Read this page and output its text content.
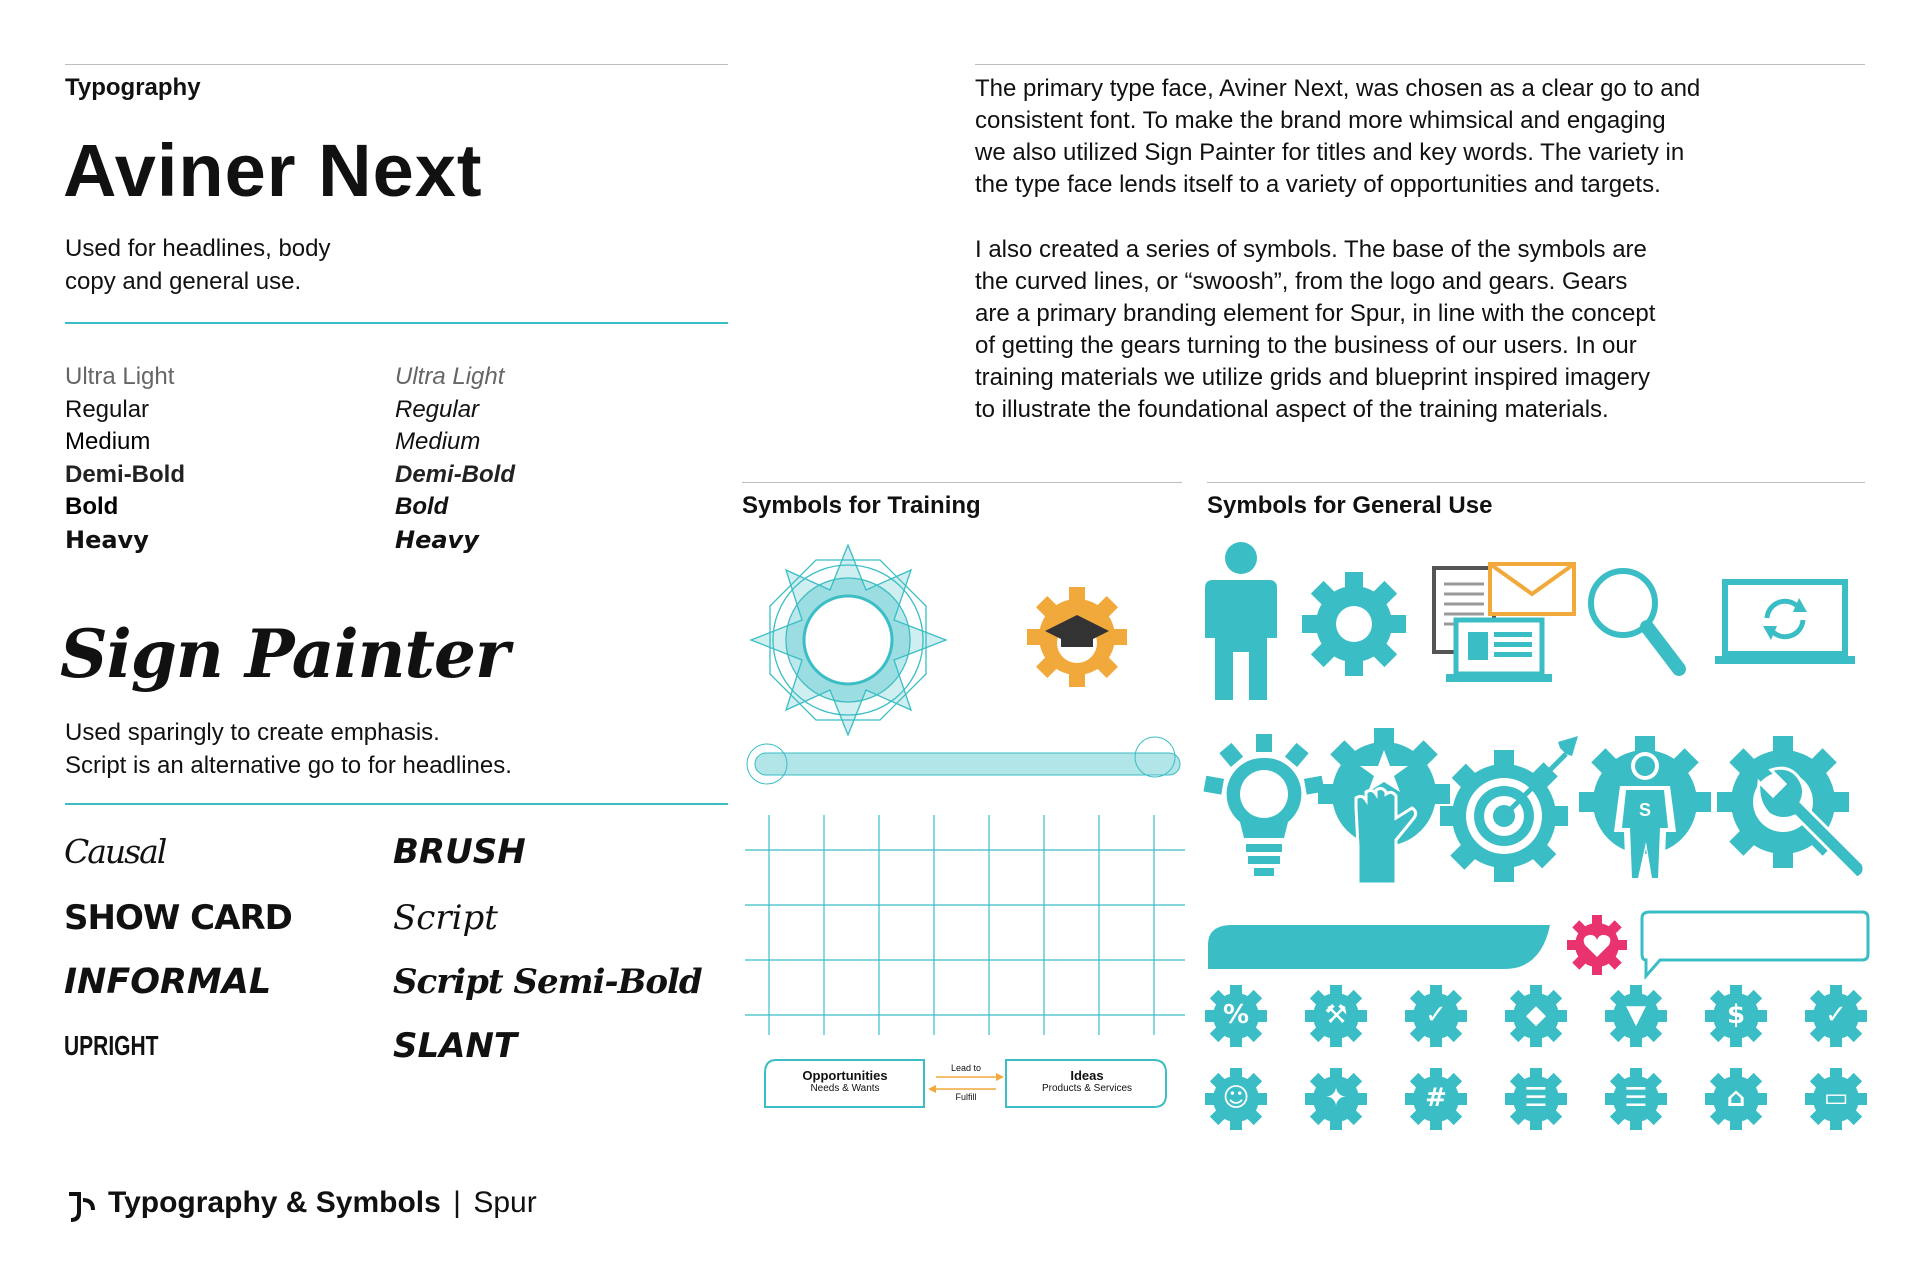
Typography
Aviner Next
Used for headlines, body
copy and general use.
Ultra Light
Regular
Medium
Demi-Bold
Bold
Heavy
Ultra Light
Regular
Medium
Demi-Bold
Bold
Heavy
Sign Painter
Used sparingly to create emphasis.
Script is an alternative go to for headlines.
Causal
SHOW CARD
INFORMAL
UPRIGHT
BRUSH
Script
Script Semi-Bold
SLANT
Typography & Symbols | Spur
The primary type face, Aviner Next, was chosen as a clear go to and
consistent font. To make the brand more whimsical and engaging
we also utilized Sign Painter for titles and key words. The variety in
the type face lends itself to a variety of opportunities and targets.
I also created a series of symbols. The base of the symbols are
the curved lines, or “swoosh”, from the logo and gears. Gears
are a primary branding element for Spur, in line with the concept
of getting the gears turning to the business of our users. In our
training materials we utilize grids and blueprint inspired imagery
to illustrate the foundational aspect of the training materials.
Symbols for Training
Opportunities
Needs & Wants
Lead to
Fulfill
Ideas
Products & Services
Symbols for General Use
S
%	⚒	✓	◆	▼	$	✓
☺	✦	#	☰	☰	⌂	▭
